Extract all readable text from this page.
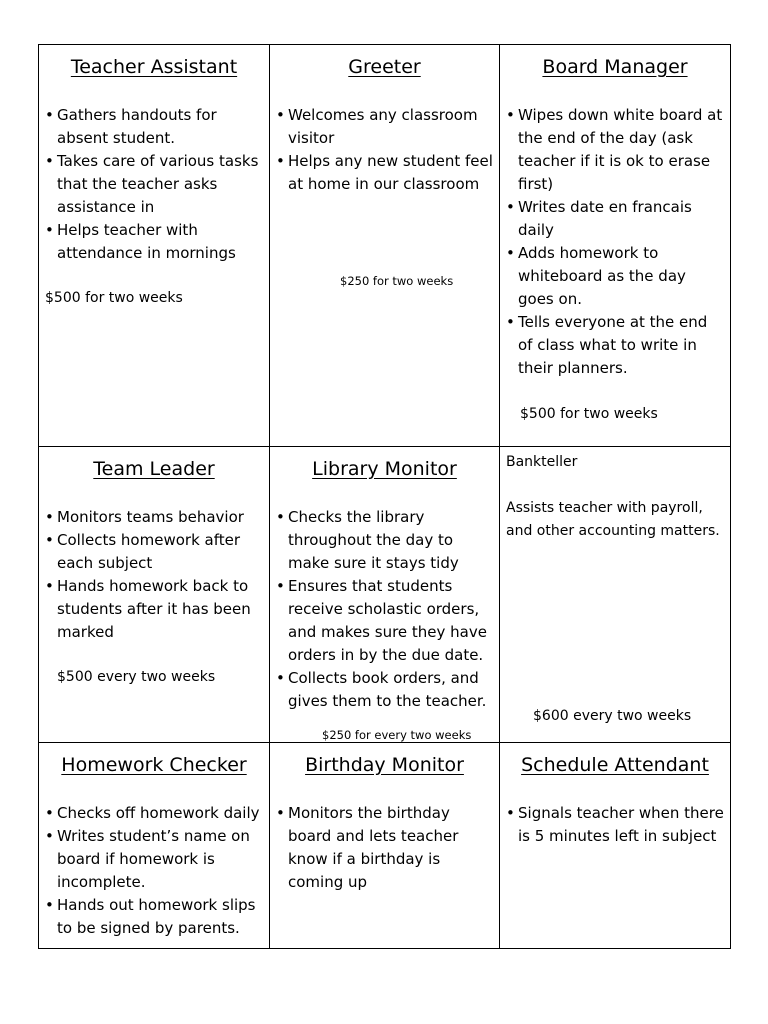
Teacher Assistant
• Gathers handouts for absent student.
• Takes care of various tasks that the teacher asks assistance in
• Helps teacher with attendance in mornings
$500 for two weeks
Greeter
• Welcomes any classroom visitor
• Helps any new student feel at home in our classroom
$250 for two weeks
Board Manager
• Wipes down white board at the end of the day (ask teacher if it is ok to erase first)
• Writes date en francais daily
• Adds homework to whiteboard as the day goes on.
• Tells everyone at the end of class what to write in their planners.
$500 for two weeks
Team Leader
• Monitors teams behavior
• Collects homework after each subject
• Hands homework back to students after it has been marked
$500 every two weeks
Library Monitor
• Checks the library throughout the day to make sure it stays tidy
• Ensures that students receive scholastic orders, and makes sure they have orders in by the due date.
• Collects book orders, and gives them to the teacher.
$250 for every two weeks
Bankteller
Assists teacher with payroll, and other accounting matters.
$600 every two weeks
Homework Checker
• Checks off homework daily
• Writes student’s name on board if homework is incomplete.
• Hands out homework slips to be signed by parents.
Birthday Monitor
• Monitors the birthday board and lets teacher know if a birthday is coming up
Schedule Attendant
• Signals teacher when there is 5 minutes left in subject
